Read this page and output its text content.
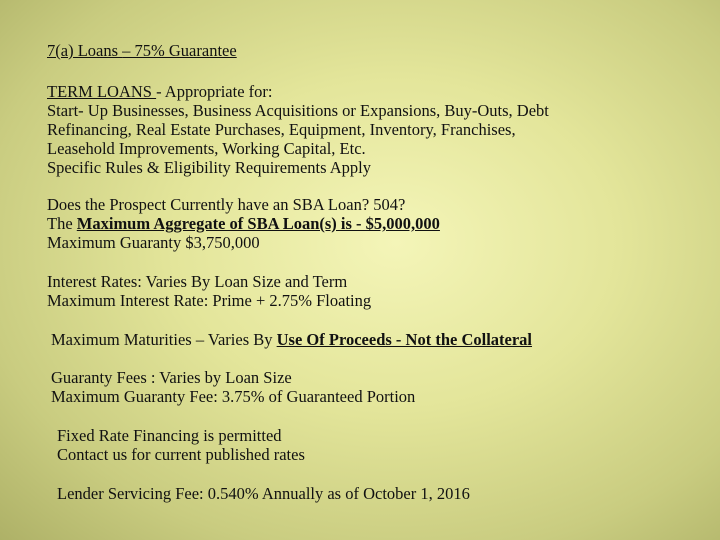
7(a) Loans – 75% Guarantee
TERM LOANS - Appropriate for:
Start- Up Businesses, Business Acquisitions or Expansions, Buy-Outs, Debt
Refinancing, Real Estate Purchases, Equipment, Inventory, Franchises,
Leasehold Improvements, Working Capital, Etc.
Specific Rules & Eligibility Requirements Apply
Does the Prospect Currently have an SBA Loan? 504?
The Maximum Aggregate of SBA Loan(s) is - $5,000,000
Maximum Guaranty $3,750,000
Interest Rates: Varies By Loan Size and Term
Maximum Interest Rate: Prime + 2.75% Floating
Maximum Maturities – Varies By Use Of Proceeds - Not the Collateral
Guaranty Fees : Varies by Loan Size
Maximum Guaranty Fee: 3.75% of Guaranteed Portion
Fixed Rate Financing is permitted
Contact us for current published rates
Lender Servicing Fee: 0.540% Annually as of October 1, 2016
